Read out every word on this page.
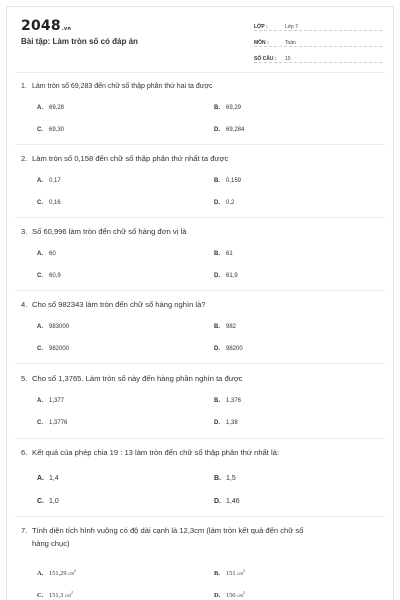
2048.vn
Bài tập: Làm tròn số có đáp án
LỚP :	Lớp 7
MÔN :	Toán
SỐ CÂU :	15
1. Làm tròn số 69,283 đến chữ số thập phân thứ hai ta được
A. 69,28	B. 69,29
C. 69,30	D. 69,284
2. Làm tròn số 0,158 đến chữ số thập phân thứ nhất ta được
A. 0,17	B. 0,159
C. 0,16	D. 0,2
3. Số 60,996 làm tròn đến chữ số hàng đơn vị là
A. 60	B. 61
C. 60,9	D. 61,9
4. Cho số 982343 làm tròn đến chữ số hàng nghìn là?
A. 983000	B. 982
C. 982000	D. 98200
5. Cho số 1,3765. Làm tròn số này đến hàng phần nghìn ta được
A. 1,377	B. 1,376
C. 1,3776	D. 1,38
6. Kết quả của phép chia 19 : 13 làm tròn đến chữ số thập phân thứ nhất là:
A. 1,4	B. 1,5
C. 1,0	D. 1,46
7. Tính diện tích hình vuông có độ dài cạnh là 12,3cm (làm tròn kết quả đến chữ số
hàng chục)
A. 151,29 $cm^2$	B. 151 $cm^2$
C. 151,3 $cm^2$	D. 150 $cm^2$
